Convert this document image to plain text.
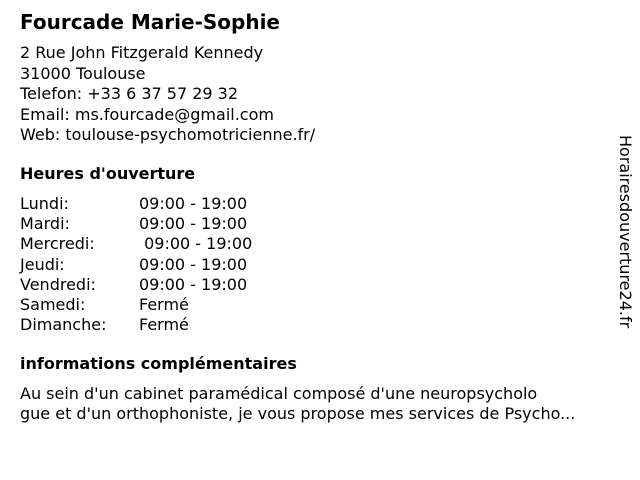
Fourcade Marie-Sophie
2 Rue John Fitzgerald Kennedy
31000 Toulouse
Telefon: +33 6 37 57 29 32
Email: ms.fourcade@gmail.com
Web: toulouse-psychomotricienne.fr/
Heures d'ouverture
Lundi:	09:00 - 19:00
Mardi:	09:00 - 19:00
Mercredi:	09:00 - 19:00
Jeudi:	09:00 - 19:00
Vendredi:	09:00 - 19:00
Samedi:	Fermé
Dimanche: Fermé
informations complémentaires
Au sein d'un cabinet paramédical composé d'une neuropsycholo
gue et d'un orthophoniste, je vous propose mes services de Psycho...
Horairesdouverture24.fr
